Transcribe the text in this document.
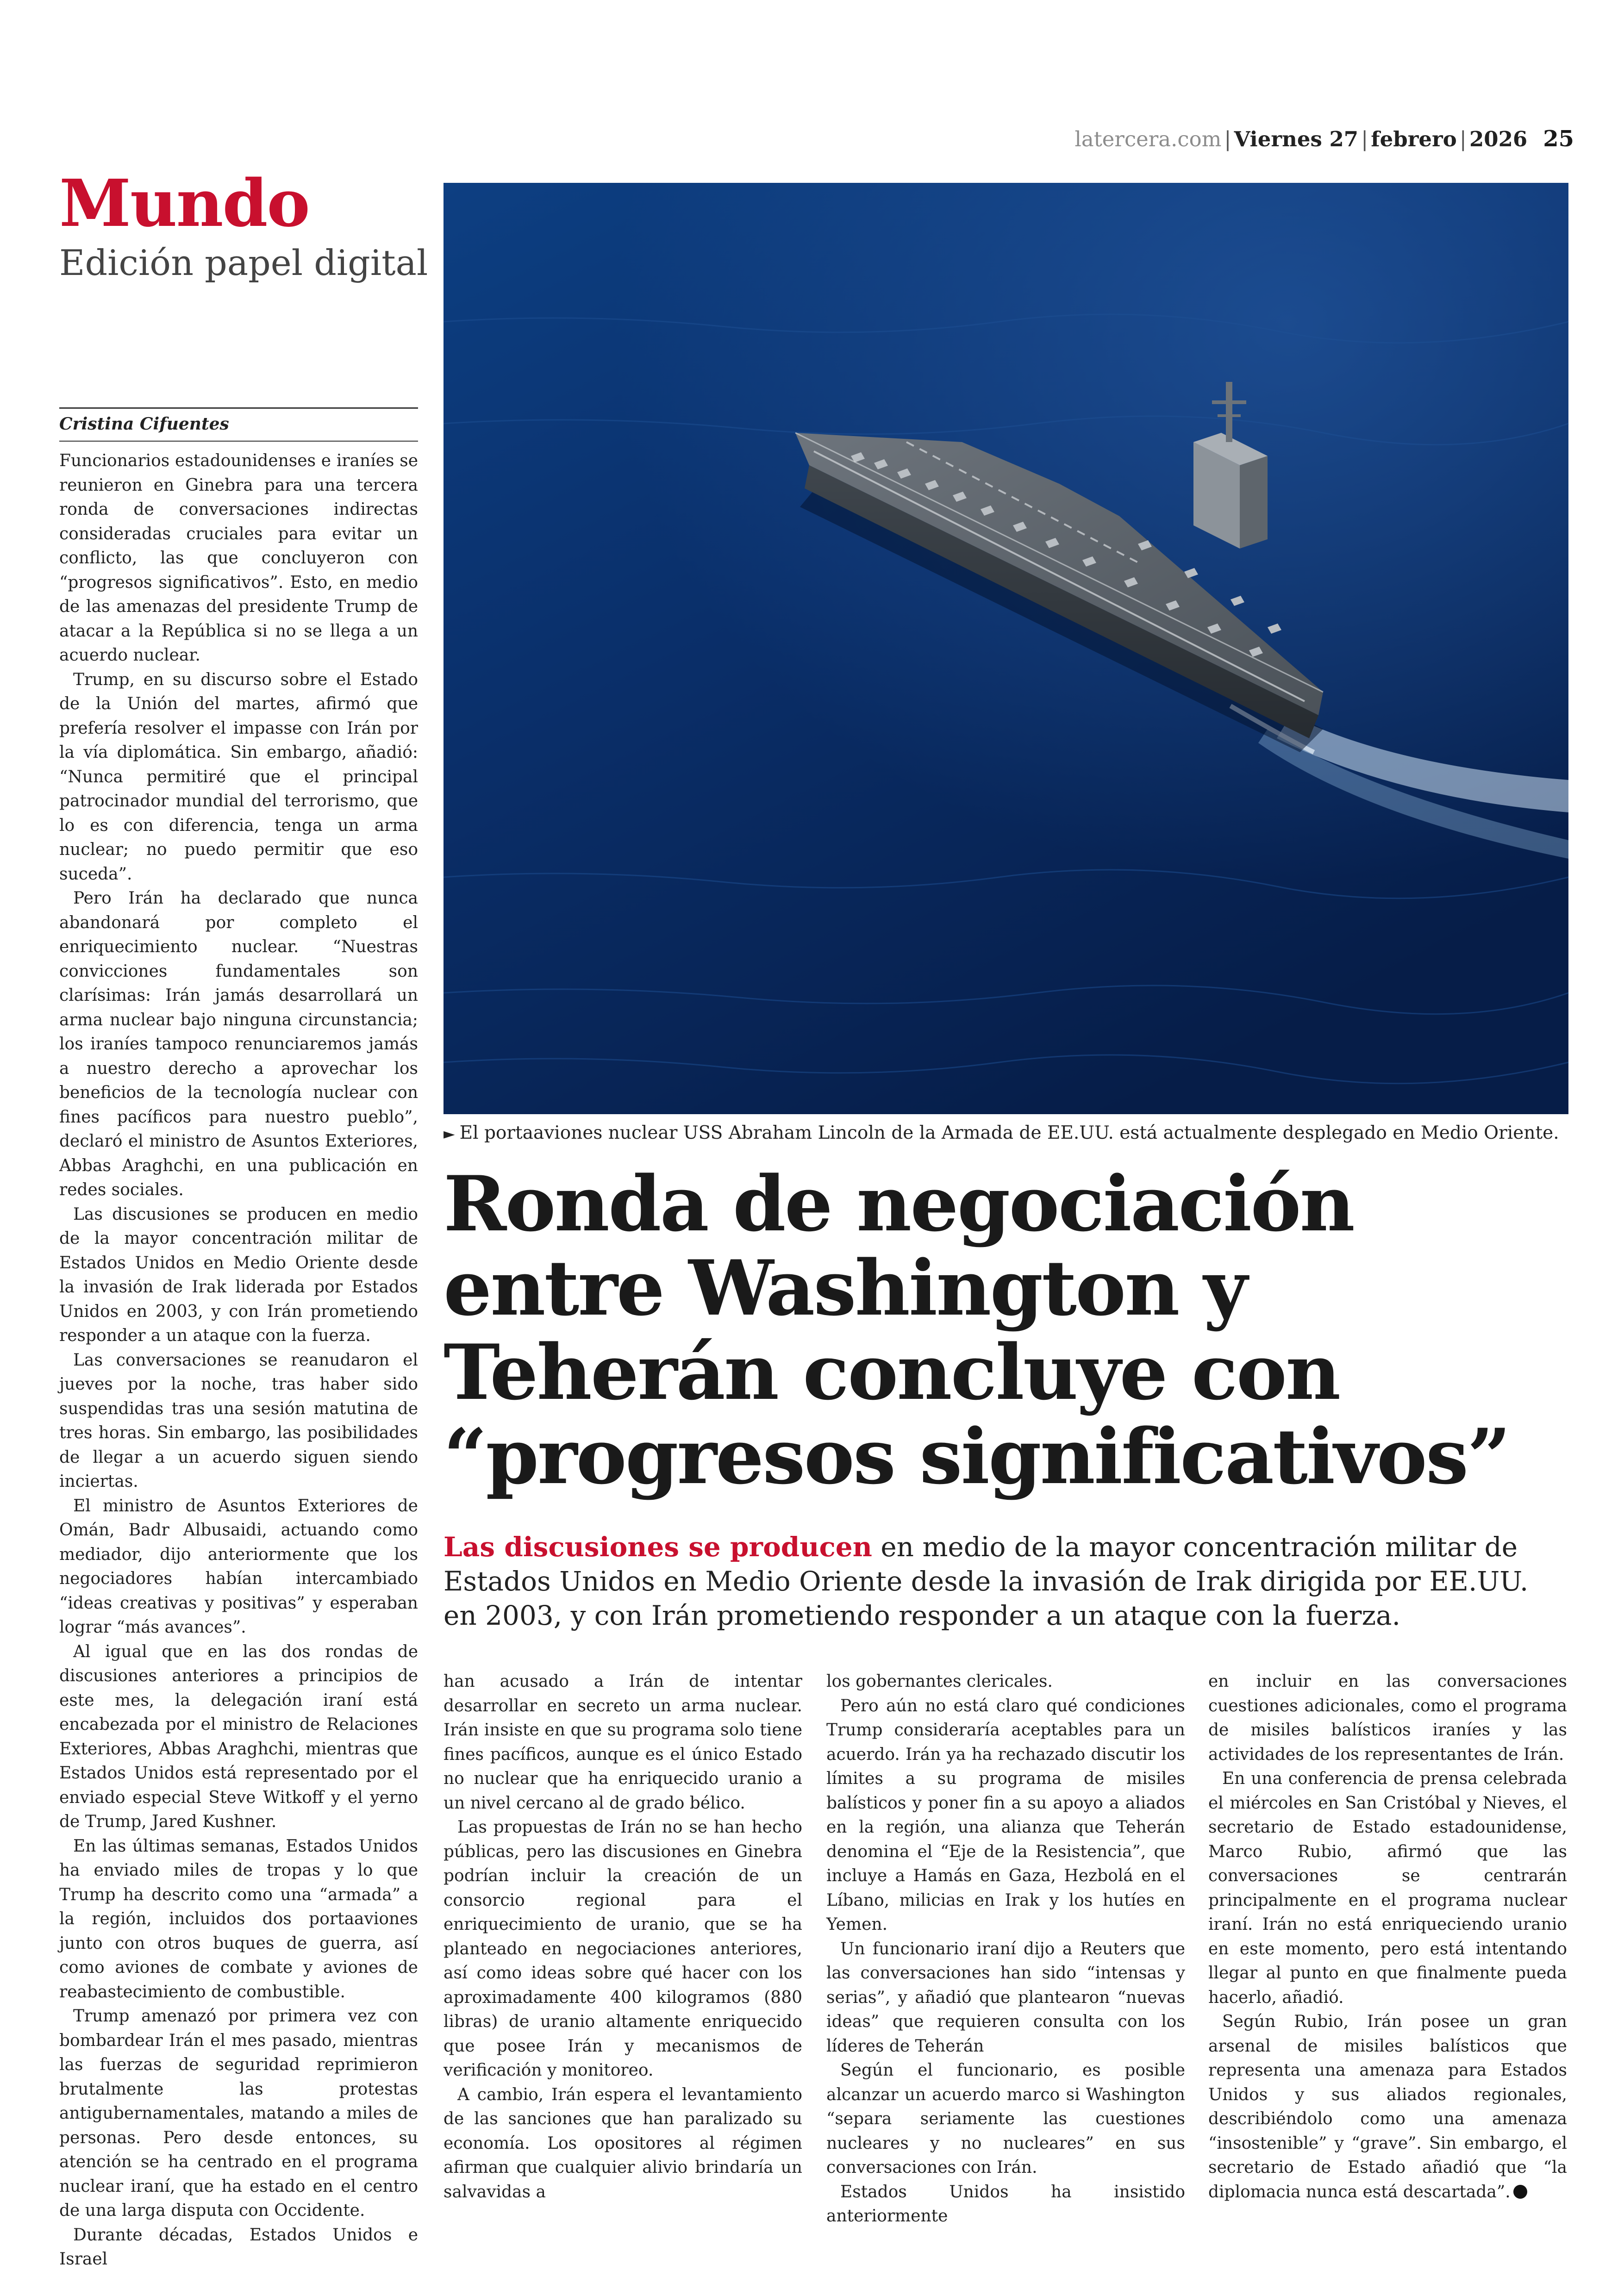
latercera.com | Viernes 27 | febrero | 2026 25
Mundo
Edición papel digital
Cristina Cifuentes

Funcionarios estadounidenses e iraníes se reunieron en Ginebra para una tercera ronda de conversaciones indirectas consideradas cruciales para evitar un conflicto, las que concluyeron con “progresos significativos”. Esto, en medio de las amenazas del presidente Trump de atacar a la República si no se llega a un acuerdo nuclear.

Trump, en su discurso sobre el Estado de la Unión del martes, afirmó que prefería resolver el impasse con Irán por la vía diplomática. Sin embargo, añadió: “Nunca permitiré que el principal patrocinador mundial del terrorismo, que lo es con diferencia, tenga un arma nuclear; no puedo permitir que eso suceda”.

Pero Irán ha declarado que nunca abandonará por completo el enriquecimiento nuclear. “Nuestras convicciones fundamentales son clarísimas: Irán jamás desarrollará un arma nuclear bajo ninguna circunstancia; los iraníes tampoco renunciaremos jamás a nuestro derecho a aprovechar los beneficios de la tecnología nuclear con fines pacíficos para nuestro pueblo”, declaró el ministro de Asuntos Exteriores, Abbas Araghchi, en una publicación en redes sociales.

Las discusiones se producen en medio de la mayor concentración militar de Estados Unidos en Medio Oriente desde la invasión de Irak liderada por Estados Unidos en 2003, y con Irán prometiendo responder a un ataque con la fuerza.

Las conversaciones se reanudaron el jueves por la noche, tras haber sido suspendidas tras una sesión matutina de tres horas. Sin embargo, las posibilidades de llegar a un acuerdo siguen siendo inciertas.

El ministro de Asuntos Exteriores de Omán, Badr Albusaidi, actuando como mediador, dijo anteriormente que los negociadores habían intercambiado “ideas creativas y positivas” y esperaban lograr “más avances”.

Al igual que en las dos rondas de discusiones anteriores a principios de este mes, la delegación iraní está encabezada por el ministro de Relaciones Exteriores, Abbas Araghchi, mientras que Estados Unidos está representado por el enviado especial Steve Witkoff y el yerno de Trump, Jared Kushner.

En las últimas semanas, Estados Unidos ha enviado miles de tropas y lo que Trump ha descrito como una “armada” a la región, incluidos dos portaaviones junto con otros buques de guerra, así como aviones de combate y aviones de reabastecimiento de combustible.

Trump amenazó por primera vez con bombardear Irán el mes pasado, mientras las fuerzas de seguridad reprimieron brutalmente las protestas antigubernamentales, matando a miles de personas. Pero desde entonces, su atención se ha centrado en el programa nuclear iraní, que ha estado en el centro de una larga disputa con Occidente.

Durante décadas, Estados Unidos e Israel

► El portaaviones nuclear USS Abraham Lincoln de la Armada de EE.UU. está actualmente desplegado en Medio Oriente.
Ronda de negociación entre Washington y Teherán concluye con “progresos significativos”
Las discusiones se producen en medio de la mayor concentración militar de Estados Unidos en Medio Oriente desde la invasión de Irak dirigida por EE.UU. en 2003, y con Irán prometiendo responder a un ataque con la fuerza.

han acusado a Irán de intentar desarrollar en secreto un arma nuclear. Irán insiste en que su programa solo tiene fines pacíficos, aunque es el único Estado no nuclear que ha enriquecido uranio a un nivel cercano al de grado bélico.

Las propuestas de Irán no se han hecho públicas, pero las discusiones en Ginebra podrían incluir la creación de un consorcio regional para el enriquecimiento de uranio, que se ha planteado en negociaciones anteriores, así como ideas sobre qué hacer con los aproximadamente 400 kilogramos (880 libras) de uranio altamente enriquecido que posee Irán y mecanismos de verificación y monitoreo.

A cambio, Irán espera el levantamiento de las sanciones que han paralizado su economía. Los opositores al régimen afirman que cualquier alivio brindaría un salvavidas a

los gobernantes clericales.

Pero aún no está claro qué condiciones Trump consideraría aceptables para un acuerdo. Irán ya ha rechazado discutir los límites a su programa de misiles balísticos y poner fin a su apoyo a aliados en la región, una alianza que Teherán denomina el “Eje de la Resistencia”, que incluye a Hamás en Gaza, Hezbolá en el Líbano, milicias en Irak y los hutíes en Yemen.

Un funcionario iraní dijo a Reuters que las conversaciones han sido “intensas y serias”, y añadió que plantearon “nuevas ideas” que requieren consulta con los líderes de Teherán

Según el funcionario, es posible alcanzar un acuerdo marco si Washington “separa seriamente las cuestiones nucleares y no nucleares” en sus conversaciones con Irán.

Estados Unidos ha insistido anteriormente

en incluir en las conversaciones cuestiones adicionales, como el programa de misiles balísticos iraníes y las actividades de los representantes de Irán.

En una conferencia de prensa celebrada el miércoles en San Cristóbal y Nieves, el secretario de Estado estadounidense, Marco Rubio, afirmó que las conversaciones se centrarán principalmente en el programa nuclear iraní. Irán no está enriqueciendo uranio en este momento, pero está intentando llegar al punto en que finalmente pueda hacerlo, añadió.

Según Rubio, Irán posee un gran arsenal de misiles balísticos que representa una amenaza para Estados Unidos y sus aliados regionales, describiéndolo como una amenaza “insostenible” y “grave”. Sin embargo, el secretario de Estado añadió que “la diplomacia nunca está descartada”.
